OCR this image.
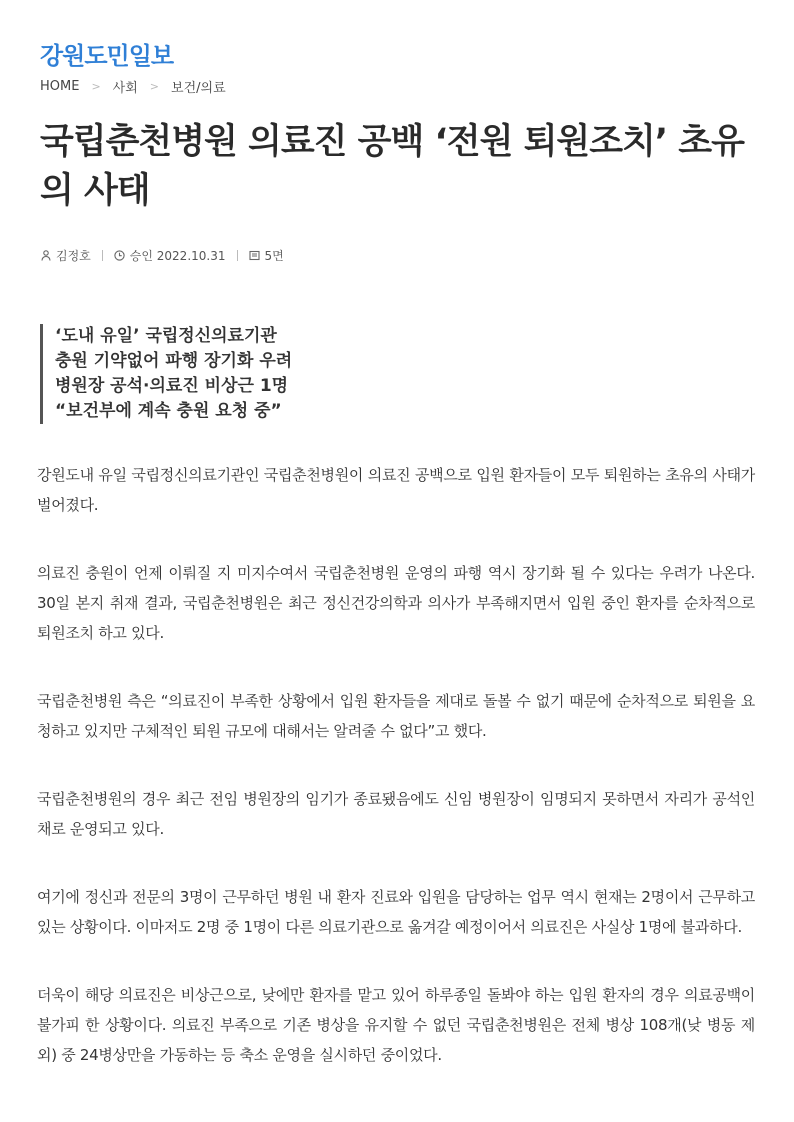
강원도민일보
HOME > 사회 > 보건/의료
국립춘천병원 의료진 공백 ‘전원 퇴원조치’ 초유의 사태
김정호	승인 2022.10.31	5면
‘도내 유일’ 국립정신의료기관
충원 기약없어 파행 장기화 우려
병원장 공석·의료진 비상근 1명
“보건부에 계속 충원 요청 중”

강원도내 유일 국립정신의료기관인 국립춘천병원이 의료진 공백으로 입원 환자들이 모두 퇴원하는 초유의 사태가 벌어졌다.

의료진 충원이 언제 이뤄질 지 미지수여서 국립춘천병원 운영의 파행 역시 장기화 될 수 있다는 우려가 나온다. 30일 본지 취재 결과, 국립춘천병원은 최근 정신건강의학과 의사가 부족해지면서 입원 중인 환자를 순차적으로 퇴원조치 하고 있다.

국립춘천병원 측은 “의료진이 부족한 상황에서 입원 환자들을 제대로 돌볼 수 없기 때문에 순차적으로 퇴원을 요청하고 있지만 구체적인 퇴원 규모에 대해서는 알려줄 수 없다”고 했다.

국립춘천병원의 경우 최근 전임 병원장의 임기가 종료됐음에도 신임 병원장이 임명되지 못하면서 자리가 공석인 채로 운영되고 있다.

여기에 정신과 전문의 3명이 근무하던 병원 내 환자 진료와 입원을 담당하는 업무 역시 현재는 2명이서 근무하고 있는 상황이다. 이마저도 2명 중 1명이 다른 의료기관으로 옮겨갈 예정이어서 의료진은 사실상 1명에 불과하다.

더욱이 해당 의료진은 비상근으로, 낮에만 환자를 맡고 있어 하루종일 돌봐야 하는 입원 환자의 경우 의료공백이 불가피 한 상황이다. 의료진 부족으로 기존 병상을 유지할 수 없던 국립춘천병원은 전체 병상 108개(낮 병동 제외) 중 24병상만을 가동하는 등 축소 운영을 실시하던 중이었다.
